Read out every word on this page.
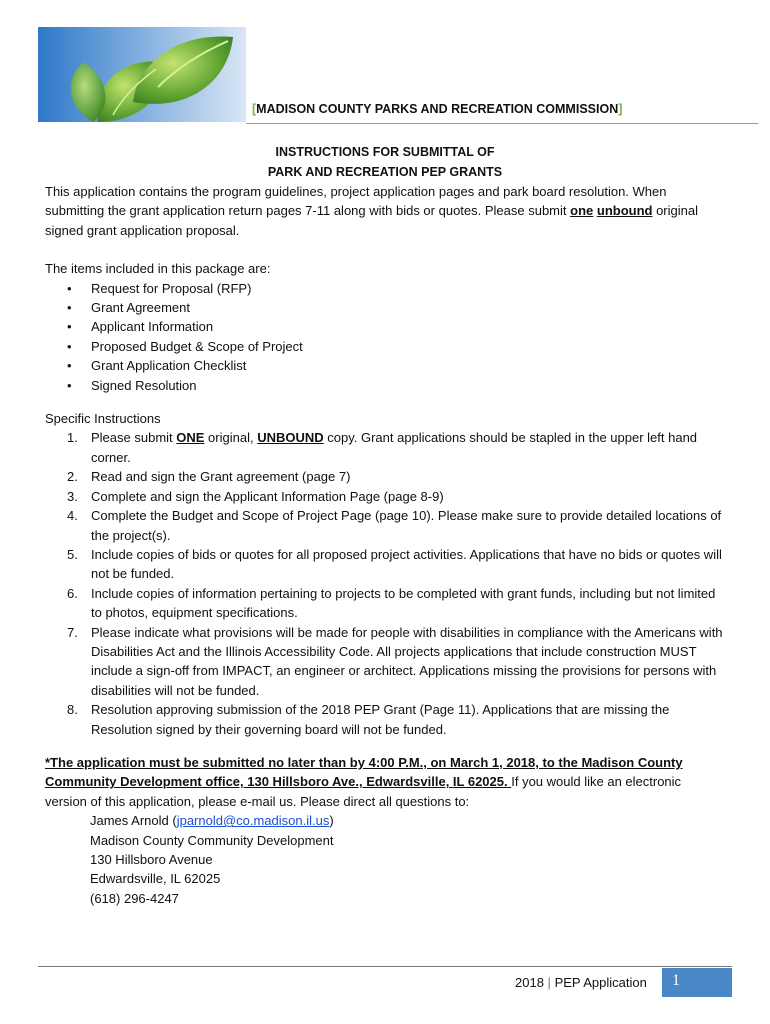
[MADISON COUNTY PARKS AND RECREATION COMMISSION]
INSTRUCTIONS FOR SUBMITTAL OF
PARK AND RECREATION PEP GRANTS

This application contains the program guidelines, project application pages and park board resolution. When submitting the grant application return pages 7-11 along with bids or quotes. Please submit one unbound original signed grant application proposal.

The items included in this package are:

• Request for Proposal (RFP)
• Grant Agreement
• Applicant Information
• Proposed Budget & Scope of Project
• Grant Application Checklist
• Signed Resolution

Specific Instructions

1. Please submit ONE original, UNBOUND copy. Grant applications should be stapled in the upper left hand corner.
2. Read and sign the Grant agreement (page 7)
3. Complete and sign the Applicant Information Page (page 8-9)
4. Complete the Budget and Scope of Project Page (page 10). Please make sure to provide detailed locations of the project(s).
5. Include copies of bids or quotes for all proposed project activities. Applications that have no bids or quotes will not be funded.
6. Include copies of information pertaining to projects to be completed with grant funds, including but not limited to photos, equipment specifications.
7. Please indicate what provisions will be made for people with disabilities in compliance with the Americans with Disabilities Act and the Illinois Accessibility Code. All projects applications that include construction MUST include a sign-off from IMPACT, an engineer or architect. Applications missing the provisions for persons with disabilities will not be funded.
8. Resolution approving submission of the 2018 PEP Grant (Page 11). Applications that are missing the Resolution signed by their governing board will not be funded.

*The application must be submitted no later than by 4:00 P.M., on March 1, 2018, to the Madison County Community Development office, 130 Hillsboro Ave., Edwardsville, IL 62025. If you would like an electronic version of this application, please e-mail us. Please direct all questions to:

James Arnold (jparnold@co.madison.il.us)
Madison County Community Development
130 Hillsboro Avenue
Edwardsville, IL 62025
(618) 296-4247
2018 | PEP Application 1
